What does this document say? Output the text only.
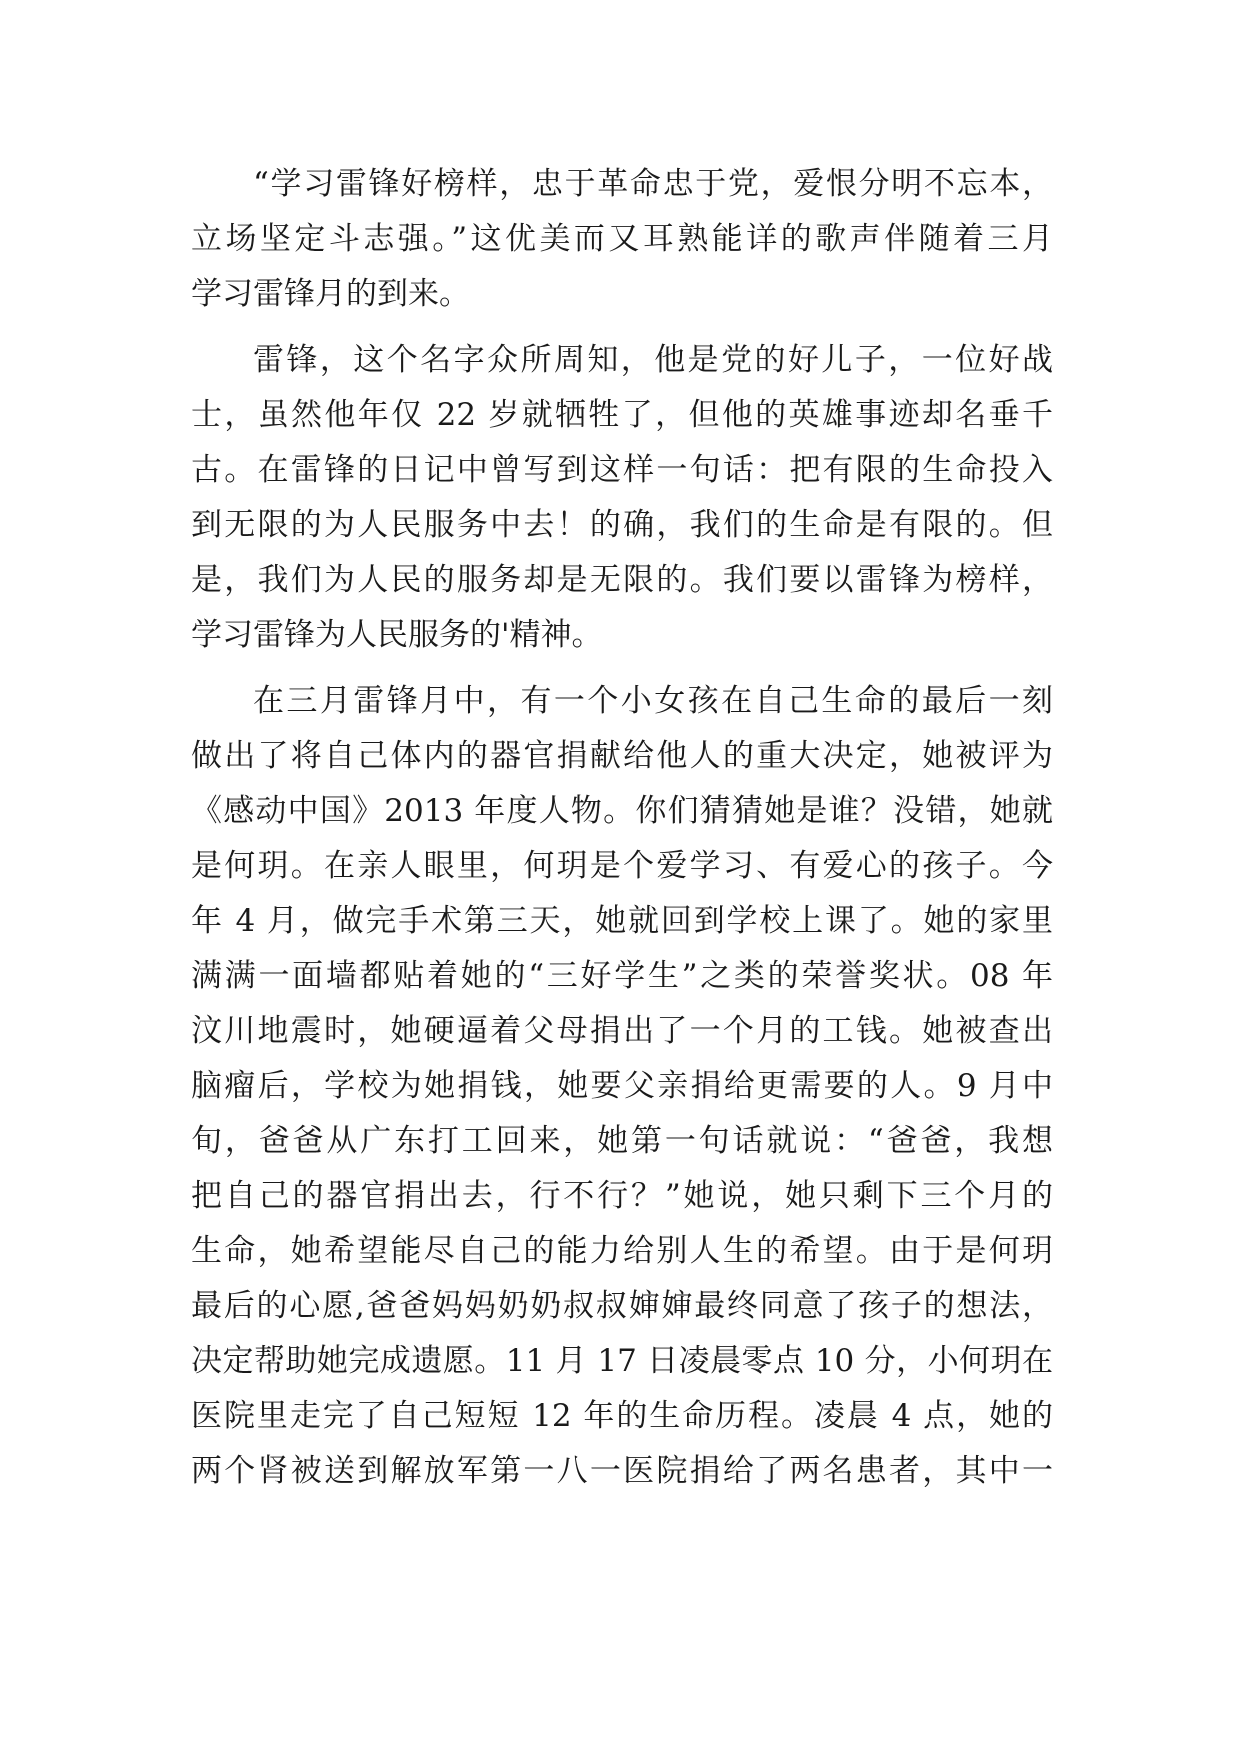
“学习雷锋好榜样，忠于革命忠于党，爱恨分明不忘本，
立场坚定斗志强。”这优美而又耳熟能详的歌声伴随着三月
学习雷锋月的到来。
雷锋，这个名字众所周知，他是党的好儿子，一位好战
士，虽然他年仅 22 岁就牺牲了，但他的英雄事迹却名垂千
古。在雷锋的日记中曾写到这样一句话：把有限的生命投入
到无限的为人民服务中去！的确，我们的生命是有限的。但
是，我们为人民的服务却是无限的。我们要以雷锋为榜样，
学习雷锋为人民服务的'精神。
在三月雷锋月中，有一个小女孩在自己生命的最后一刻
做出了将自己体内的器官捐献给他人的重大决定，她被评为
《感动中国》2013 年度人物。你们猜猜她是谁？没错，她就
是何玥。在亲人眼里，何玥是个爱学习、有爱心的孩子。今
年 4 月，做完手术第三天，她就回到学校上课了。她的家里
满满一面墙都贴着她的“三好学生”之类的荣誉奖状。08 年
汶川地震时，她硬逼着父母捐出了一个月的工钱。她被查出
脑瘤后，学校为她捐钱，她要父亲捐给更需要的人。9 月中
旬，爸爸从广东打工回来，她第一句话就说：“爸爸，我想
把自己的器官捐出去，行不行？”她说，她只剩下三个月的
生命，她希望能尽自己的能力给别人生的希望。由于是何玥
最后的心愿,爸爸妈妈奶奶叔叔婶婶最终同意了孩子的想法，
决定帮助她完成遗愿。11 月 17 日凌晨零点 10 分，小何玥在
医院里走完了自己短短 12 年的生命历程。凌晨 4 点，她的
两个肾被送到解放军第一八一医院捐给了两名患者，其中一
